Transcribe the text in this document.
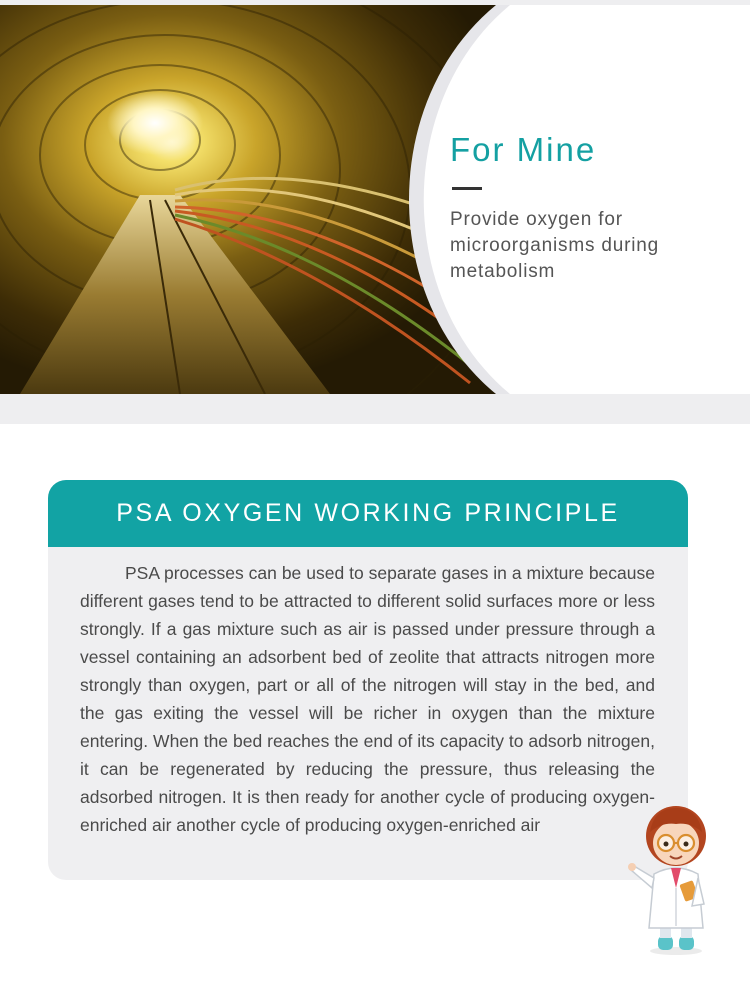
For Mine

Provide oxygen for microorganisms during metabolism

PSA OXYGEN WORKING PRINCIPLE

PSA processes can be used to separate gases in a mixture because different gases tend to be attracted to different solid surfaces more or less strongly. If a gas mixture such as air is passed under pressure through a vessel containing an adsorbent bed of zeolite that attracts nitrogen more strongly than oxygen, part or all of the nitrogen will stay in the bed, and the gas exiting the vessel will be richer in oxygen than the mixture entering. When the bed reaches the end of its capacity to adsorb nitrogen, it can be regenerated by reducing the pressure, thus releasing the adsorbed nitrogen. It is then ready for another cycle of producing oxygen-enriched air another cycle of producing oxygen-enriched air
